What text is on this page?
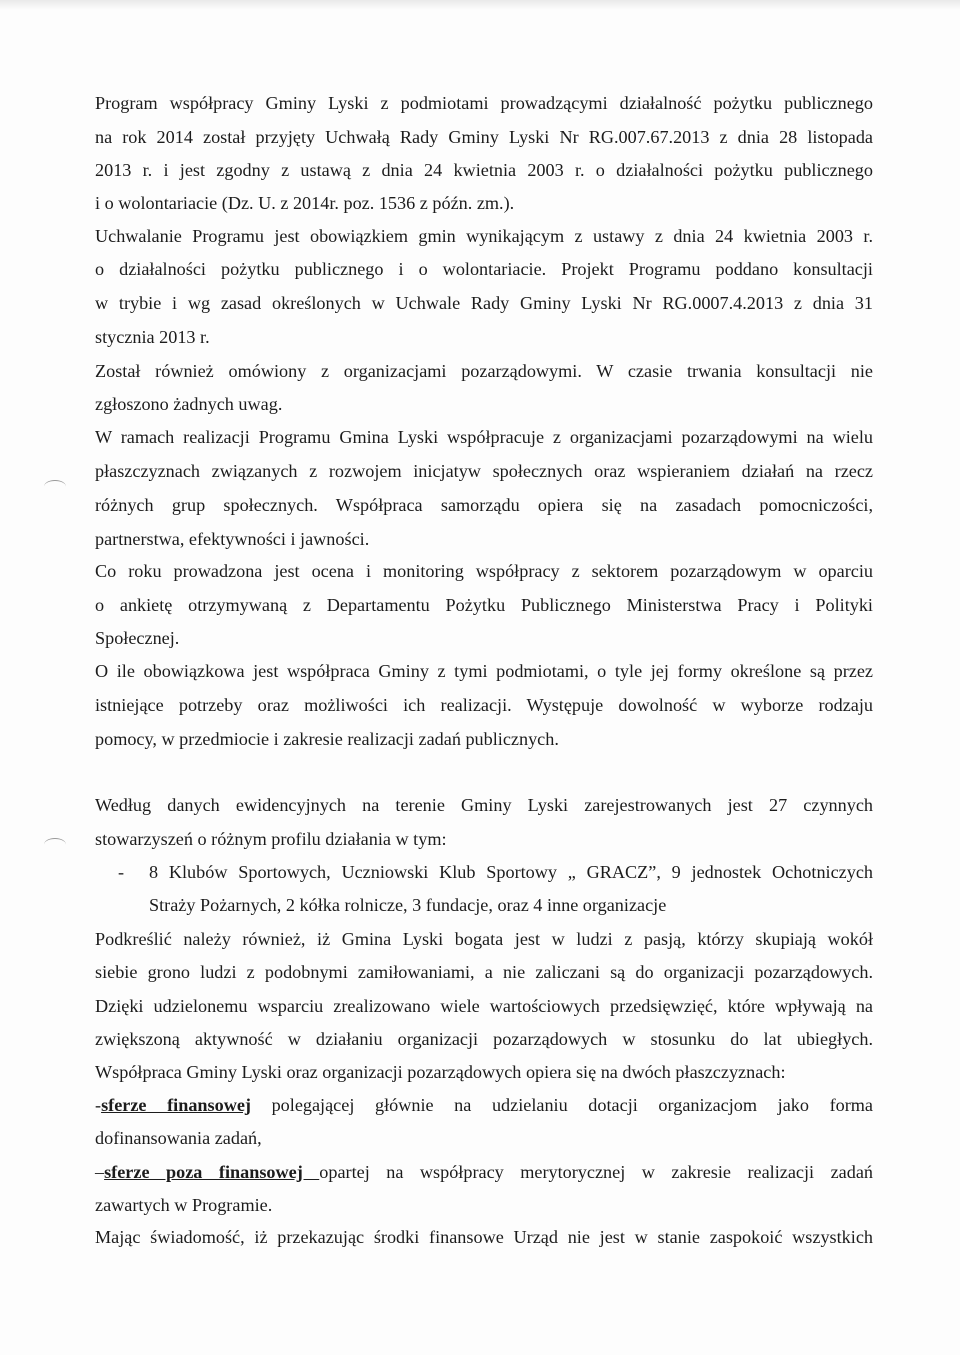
Program współpracy Gminy Lyski z podmiotami prowadzącymi działalność pożytku publicznego
na rok 2014 został przyjęty Uchwałą Rady Gminy Lyski Nr RG.007.67.2013 z dnia 28 listopada
2013 r. i jest zgodny z ustawą z dnia 24 kwietnia 2003 r. o działalności pożytku publicznego
i o wolontariacie (Dz. U. z 2014r. poz. 1536 z późn. zm.).
Uchwalanie Programu jest obowiązkiem gmin wynikającym z ustawy z dnia 24 kwietnia 2003 r.
o działalności pożytku publicznego i o wolontariacie. Projekt Programu poddano konsultacji
w trybie i wg zasad określonych w Uchwale Rady Gminy Lyski Nr RG.0007.4.2013 z dnia 31
stycznia 2013 r.
Został również omówiony z organizacjami pozarządowymi. W czasie trwania konsultacji nie
zgłoszono żadnych uwag.
W ramach realizacji Programu Gmina Lyski współpracuje z organizacjami pozarządowymi na wielu
płaszczyznach związanych z rozwojem inicjatyw społecznych oraz wspieraniem działań na rzecz
różnych grup społecznych. Współpraca samorządu opiera się na zasadach pomocniczości,
partnerstwa, efektywności i jawności.
Co roku prowadzona jest ocena i monitoring współpracy z sektorem pozarządowym w oparciu
o ankietę otrzymywaną z Departamentu Pożytku Publicznego Ministerstwa Pracy i Polityki
Społecznej.
O ile obowiązkowa jest współpraca Gminy z tymi podmiotami, o tyle jej formy określone są przez
istniejące potrzeby oraz możliwości ich realizacji. Występuje dowolność w wyborze rodzaju
pomocy, w przedmiocie i zakresie realizacji zadań publicznych.
Według danych ewidencyjnych na terenie Gminy Lyski zarejestrowanych jest 27 czynnych
stowarzyszeń o różnym profilu działania w tym:
- 8 Klubów Sportowych, Uczniowski Klub Sportowy „ GRACZ”, 9 jednostek Ochotniczych
Straży Pożarnych, 2 kółka rolnicze, 3 fundacje, oraz 4 inne organizacje
Podkreślić należy również, iż Gmina Lyski bogata jest w ludzi z pasją, którzy skupiają wokół
siebie grono ludzi z podobnymi zamiłowaniami, a nie zaliczani są do organizacji pozarządowych.
Dzięki udzielonemu wsparciu zrealizowano wiele wartościowych przedsięwzięć, które wpływają na
zwiększoną aktywność w działaniu organizacji pozarządowych w stosunku do lat ubiegłych.
Współpraca Gminy Lyski oraz organizacji pozarządowych opiera się na dwóch płaszczyznach:
-sferze finansowej polegającej głównie na udzielaniu dotacji organizacjom jako forma
dofinansowania zadań,
–sferze poza finansowej opartej na współpracy merytorycznej w zakresie realizacji zadań
zawartych w Programie.
Mając świadomość, iż przekazując środki finansowe Urząd nie jest w stanie zaspokoić wszystkich
